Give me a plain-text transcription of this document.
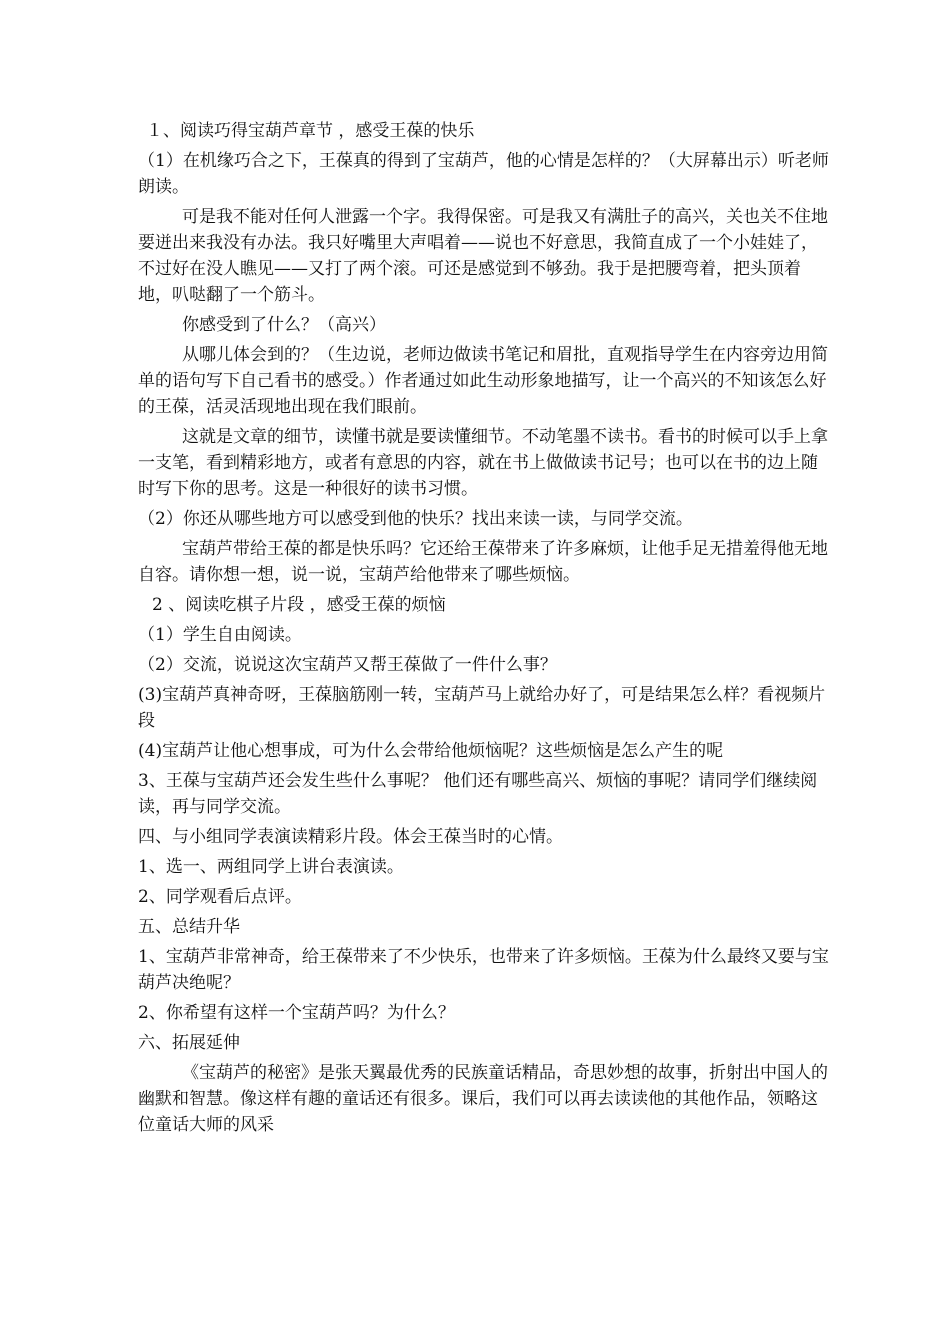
１、阅读巧得宝葫芦章节 ，感受王葆的快乐

（1）在机缘巧合之下，王葆真的得到了宝葫芦，他的心情是怎样的？（大屏幕出示）听老师朗读。

可是我不能对任何人泄露一个字。我得保密。可是我又有满肚子的高兴，关也关不住地要迸出来我没有办法。我只好嘴里大声唱着——说也不好意思，我简直成了一个小娃娃了，不过好在没人瞧见——又打了两个滚。可还是感觉到不够劲。我于是把腰弯着，把头顶着地，叭哒翻了一个筋斗。

你感受到了什么？（高兴）

从哪儿体会到的？（生边说，老师边做读书笔记和眉批，直观指导学生在内容旁边用简单的语句写下自己看书的感受。）作者通过如此生动形象地描写，让一个高兴的不知该怎么好的王葆，活灵活现地出现在我们眼前。

这就是文章的细节，读懂书就是要读懂细节。不动笔墨不读书。看书的时候可以手上拿一支笔，看到精彩地方，或者有意思的内容，就在书上做做读书记号；也可以在书的边上随时写下你的思考。这是一种很好的读书习惯。

（2）你还从哪些地方可以感受到他的快乐？找出来读一读，与同学交流。

宝葫芦带给王葆的都是快乐吗？它还给王葆带来了许多麻烦，让他手足无措羞得他无地自容。请你想一想，说一说，宝葫芦给他带来了哪些烦恼。

2 、阅读吃棋子片段 ，感受王葆的烦恼

（1）学生自由阅读。

（2）交流，说说这次宝葫芦又帮王葆做了一件什么事？

(3)宝葫芦真神奇呀，王葆脑筋刚一转，宝葫芦马上就给办好了，可是结果怎么样？看视频片段

(4)宝葫芦让他心想事成，可为什么会带给他烦恼呢？这些烦恼是怎么产生的呢

3、王葆与宝葫芦还会发生些什么事呢？ 他们还有哪些高兴、烦恼的事呢？请同学们继续阅读，再与同学交流。

四、与小组同学表演读精彩片段。体会王葆当时的心情。

1、选一、两组同学上讲台表演读。

2、同学观看后点评。

五、总结升华

1、宝葫芦非常神奇，给王葆带来了不少快乐，也带来了许多烦恼。王葆为什么最终又要与宝葫芦决绝呢？

2、你希望有这样一个宝葫芦吗？为什么？

六、拓展延伸

《宝葫芦的秘密》是张天翼最优秀的民族童话精品，奇思妙想的故事，折射出中国人的幽默和智慧。像这样有趣的童话还有很多。课后，我们可以再去读读他的其他作品，领略这位童话大师的风采
